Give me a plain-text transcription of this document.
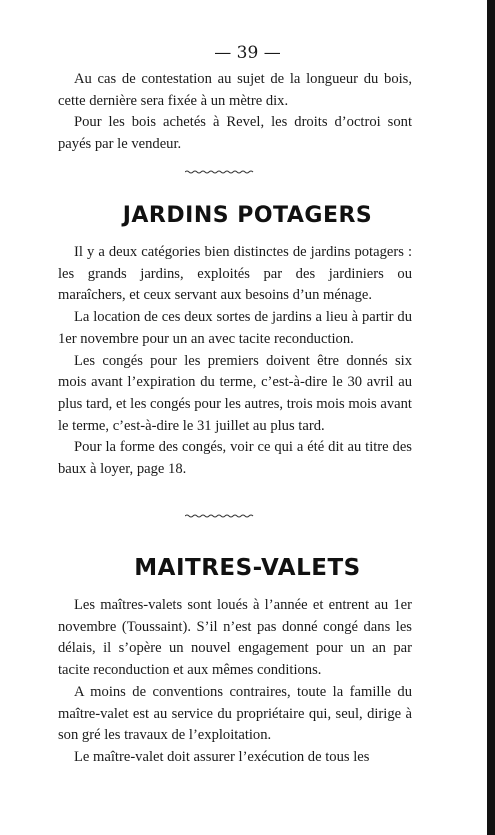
— 39 —

Au cas de contestation au sujet de la longueur du bois, cette dernière sera fixée à un mètre dix.

Pour les bois achetés à Revel, les droits d’octroi sont payés par le vendeur.

JARDINS POTAGERS

Il y a deux catégories bien distinctes de jardins potagers : les grands jardins, exploités par des jardiniers ou maraîchers, et ceux servant aux besoins d’un ménage.

La location de ces deux sortes de jardins a lieu à partir du 1er novembre pour un an avec tacite reconduction.

Les congés pour les premiers doivent être donnés six mois avant l’expiration du terme, c’est-à-dire le 30 avril au plus tard, et les congés pour les autres, trois mois mois avant le terme, c’est-à-dire le 31 juillet au plus tard.

Pour la forme des congés, voir ce qui a été dit au titre des baux à loyer, page 18.

MAITRES-VALETS

Les maîtres-valets sont loués à l’année et entrent au 1er novembre (Toussaint). S’il n’est pas donné congé dans les délais, il s’opère un nouvel engagement pour un an par tacite reconduction et aux mêmes conditions.

A moins de conventions contraires, toute la famille du maître-valet est au service du propriétaire qui, seul, dirige à son gré les travaux de l’exploitation.

Le maître-valet doit assurer l’exécution de tous les
